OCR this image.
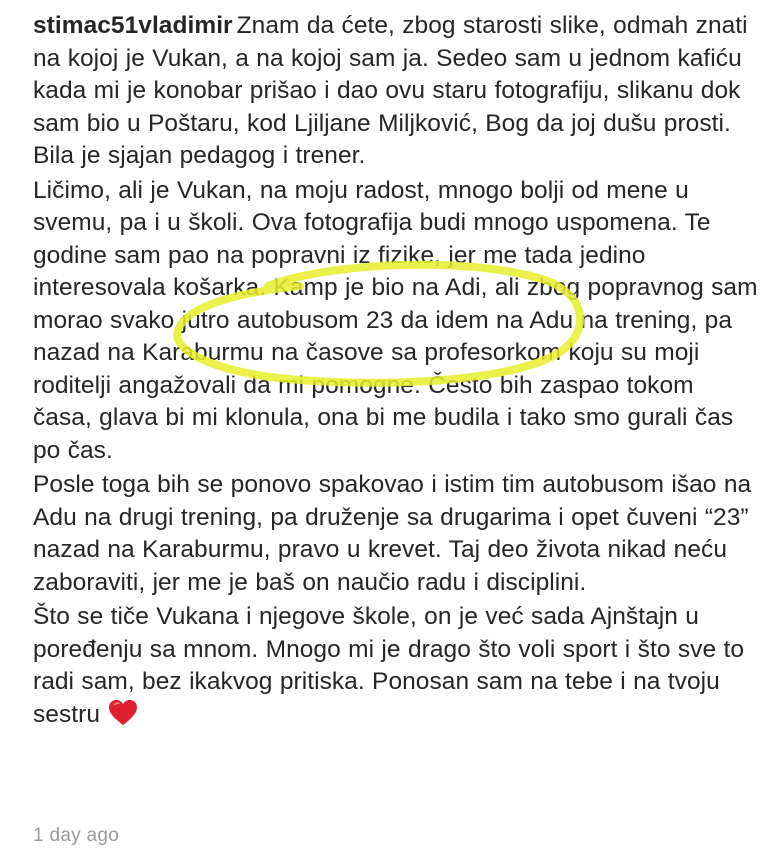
stimac51vladimir Znam da ćete, zbog starosti slike, odmah znati na kojoj je Vukan, a na kojoj sam ja. Sedeo sam u jednom kafiću kada mi je konobar prišao i dao ovu staru fotografiju, slikanu dok sam bio u Poštaru, kod Ljiljane Miljković, Bog da joj dušu prosti. Bila je sjajan pedagog i trener.

Ličimo, ali je Vukan, na moju radost, mnogo bolji od mene u svemu, pa i u školi. Ova fotografija budi mnogo uspomena. Te godine sam pao na popravni iz fizike, jer me tada jedino interesovala košarka. Kamp je bio na Adi, ali zbog popravnog sam morao svako jutro autobusom 23 da idem na Adu na trening, pa nazad na Karaburmu na časove sa profesorkom koju su moji roditelji angažovali da mi pomogne. Često bih zaspao tokom časa, glava bi mi klonula, ona bi me budila i tako smo gurali čas po čas.

Posle toga bih se ponovo spakovao i istim tim autobusom išao na Adu na drugi trening, pa druženje sa drugarima i opet čuveni “23” nazad na Karaburmu, pravo u krevet. Taj deo života nikad neću zaboraviti, jer me je baš on naučio radu i disciplini.

Što se tiče Vukana i njegove škole, on je već sada Ajnštajn u poređenju sa mnom. Mnogo mi je drago što voli sport i što sve to radi sam, bez ikakvog pritiska. Ponosan sam na tebe i na tvoju sestru

1 day ago
